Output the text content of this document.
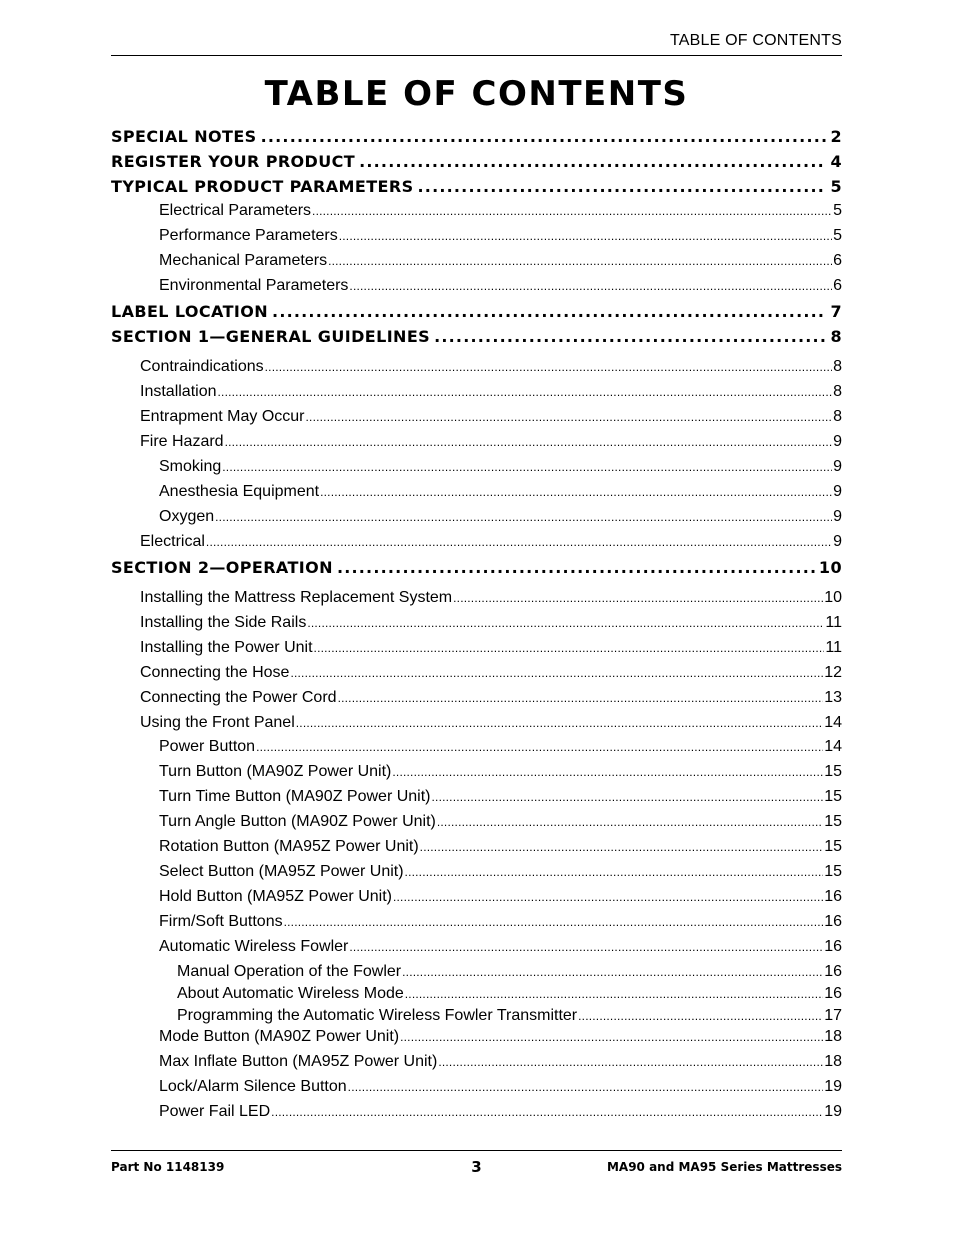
TABLE OF CONTENTS
TABLE OF CONTENTS
SPECIAL NOTES .....	2
REGISTER YOUR PRODUCT .....	4
TYPICAL PRODUCT PARAMETERS .....	5
Electrical Parameters .....	5
Performance Parameters .....	5
Mechanical Parameters .....	6
Environmental Parameters .....	6
LABEL LOCATION .....	7
SECTION 1—GENERAL GUIDELINES .....	8
Contraindications .....	8
Installation .....	8
Entrapment May Occur .....	8
Fire Hazard .....	9
Smoking .....	9
Anesthesia Equipment .....	9
Oxygen .....	9
Electrical .....	9
SECTION 2—OPERATION .....	10
Installing the Mattress Replacement System .....	10
Installing the Side Rails .....	11
Installing the Power Unit .....	11
Connecting the Hose .....	12
Connecting the Power Cord .....	13
Using the Front Panel .....	14
Power Button .....	14
Turn Button (MA90Z Power Unit) .....	15
Turn Time Button (MA90Z Power Unit) .....	15
Turn Angle Button (MA90Z Power Unit) .....	15
Rotation Button (MA95Z Power Unit) .....	15
Select Button (MA95Z Power Unit) .....	15
Hold Button (MA95Z Power Unit) .....	16
Firm/Soft Buttons .....	16
Automatic Wireless Fowler .....	16
Manual Operation of the Fowler .....	16
About Automatic Wireless Mode .....	16
Programming the Automatic Wireless Fowler Transmitter .....	17
Mode Button (MA90Z Power Unit) .....	18
Max Inflate Button (MA95Z Power Unit) .....	18
Lock/Alarm Silence Button .....	19
Power Fail LED .....	19
Part No 1148139	3	MA90 and MA95 Series Mattresses
